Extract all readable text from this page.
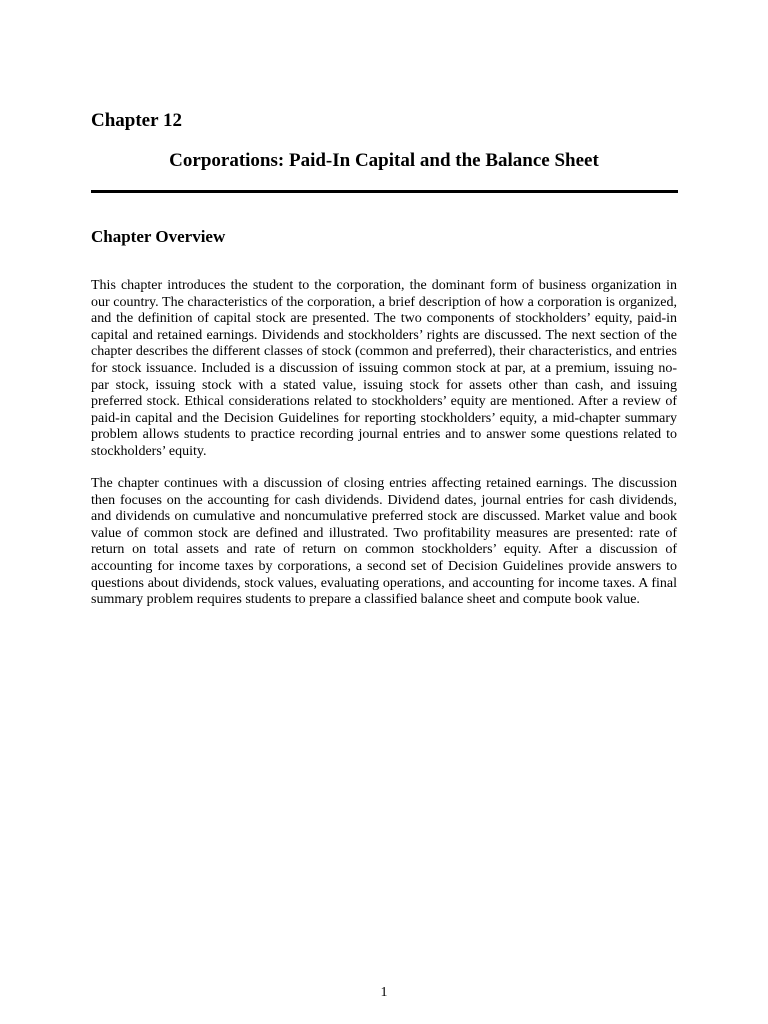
Chapter 12
Corporations: Paid-In Capital and the Balance Sheet
Chapter Overview

This chapter introduces the student to the corporation, the dominant form of business organization in our country. The characteristics of the corporation, a brief description of how a corporation is organized, and the definition of capital stock are presented. The two components of stockholders’ equity, paid-in capital and retained earnings. Dividends and stockholders’ rights are discussed. The next section of the chapter describes the different classes of stock (common and preferred), their characteristics, and entries for stock issuance. Included is a discussion of issuing common stock at par, at a premium, issuing no-par stock, issuing stock with a stated value, issuing stock for assets other than cash, and issuing preferred stock. Ethical considerations related to stockholders’ equity are mentioned. After a review of paid-in capital and the Decision Guidelines for reporting stockholders’ equity, a mid-chapter summary problem allows students to practice recording journal entries and to answer some questions related to stockholders’ equity.

The chapter continues with a discussion of closing entries affecting retained earnings. The discussion then focuses on the accounting for cash dividends. Dividend dates, journal entries for cash dividends, and dividends on cumulative and noncumulative preferred stock are discussed. Market value and book value of common stock are defined and illustrated. Two profitability measures are presented: rate of return on total assets and rate of return on common stockholders’ equity. After a discussion of accounting for income taxes by corporations, a second set of Decision Guidelines provide answers to questions about dividends, stock values, evaluating operations, and accounting for income taxes. A final summary problem requires students to prepare a classified balance sheet and compute book value.

1
